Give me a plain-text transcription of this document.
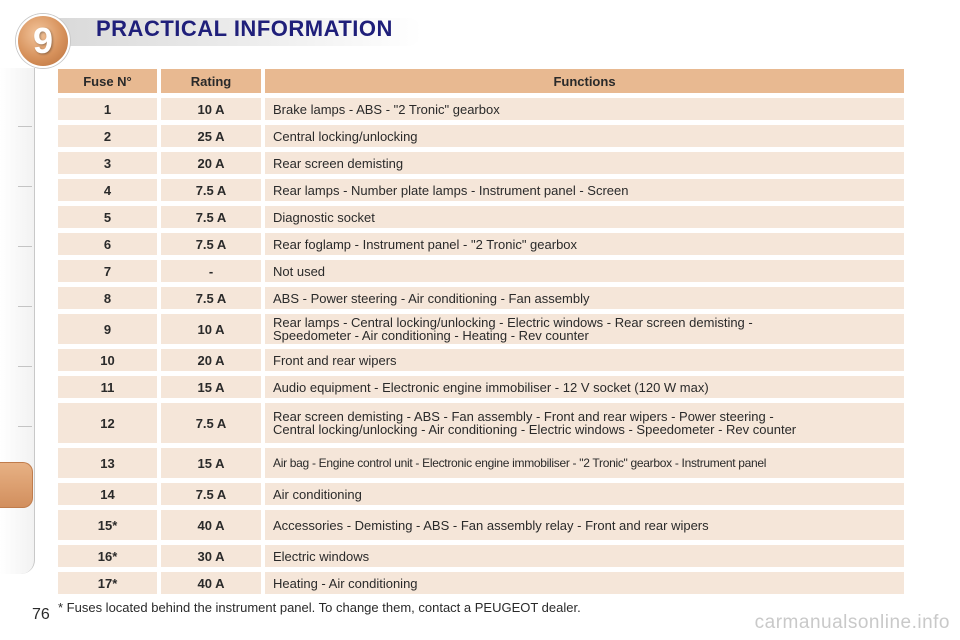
9	PRACTICAL INFORMATION
Fuse N°	Rating	Functions
1	10 A	Brake lamps - ABS - "2 Tronic" gearbox
2	25 A	Central locking/unlocking
3	20 A	Rear screen demisting
4	7.5 A	Rear lamps - Number plate lamps - Instrument panel - Screen
5	7.5 A	Diagnostic socket
6	7.5 A	Rear foglamp - Instrument panel - "2 Tronic" gearbox
7	-	Not used
8	7.5 A	ABS - Power steering - Air conditioning - Fan assembly
9	10 A	Rear lamps - Central locking/unlocking - Electric windows - Rear screen demisting -
Speedometer - Air conditioning - Heating - Rev counter
10	20 A	Front and rear wipers
11	15 A	Audio equipment - Electronic engine immobiliser - 12 V socket (120 W max)
12	7.5 A	Rear screen demisting - ABS - Fan assembly - Front and rear wipers - Power steering -
Central locking/unlocking - Air conditioning - Electric windows - Speedometer - Rev counter
13	15 A	Air bag - Engine control unit - Electronic engine immobiliser - "2 Tronic" gearbox - Instrument panel
14	7.5 A	Air conditioning
15*	40 A	Accessories - Demisting - ABS - Fan assembly relay - Front and rear wipers
16*	30 A	Electric windows
17*	40 A	Heating - Air conditioning

* Fuses located behind the instrument panel. To change them, contact a PEUGEOT dealer.

76	carmanualsonline.info
